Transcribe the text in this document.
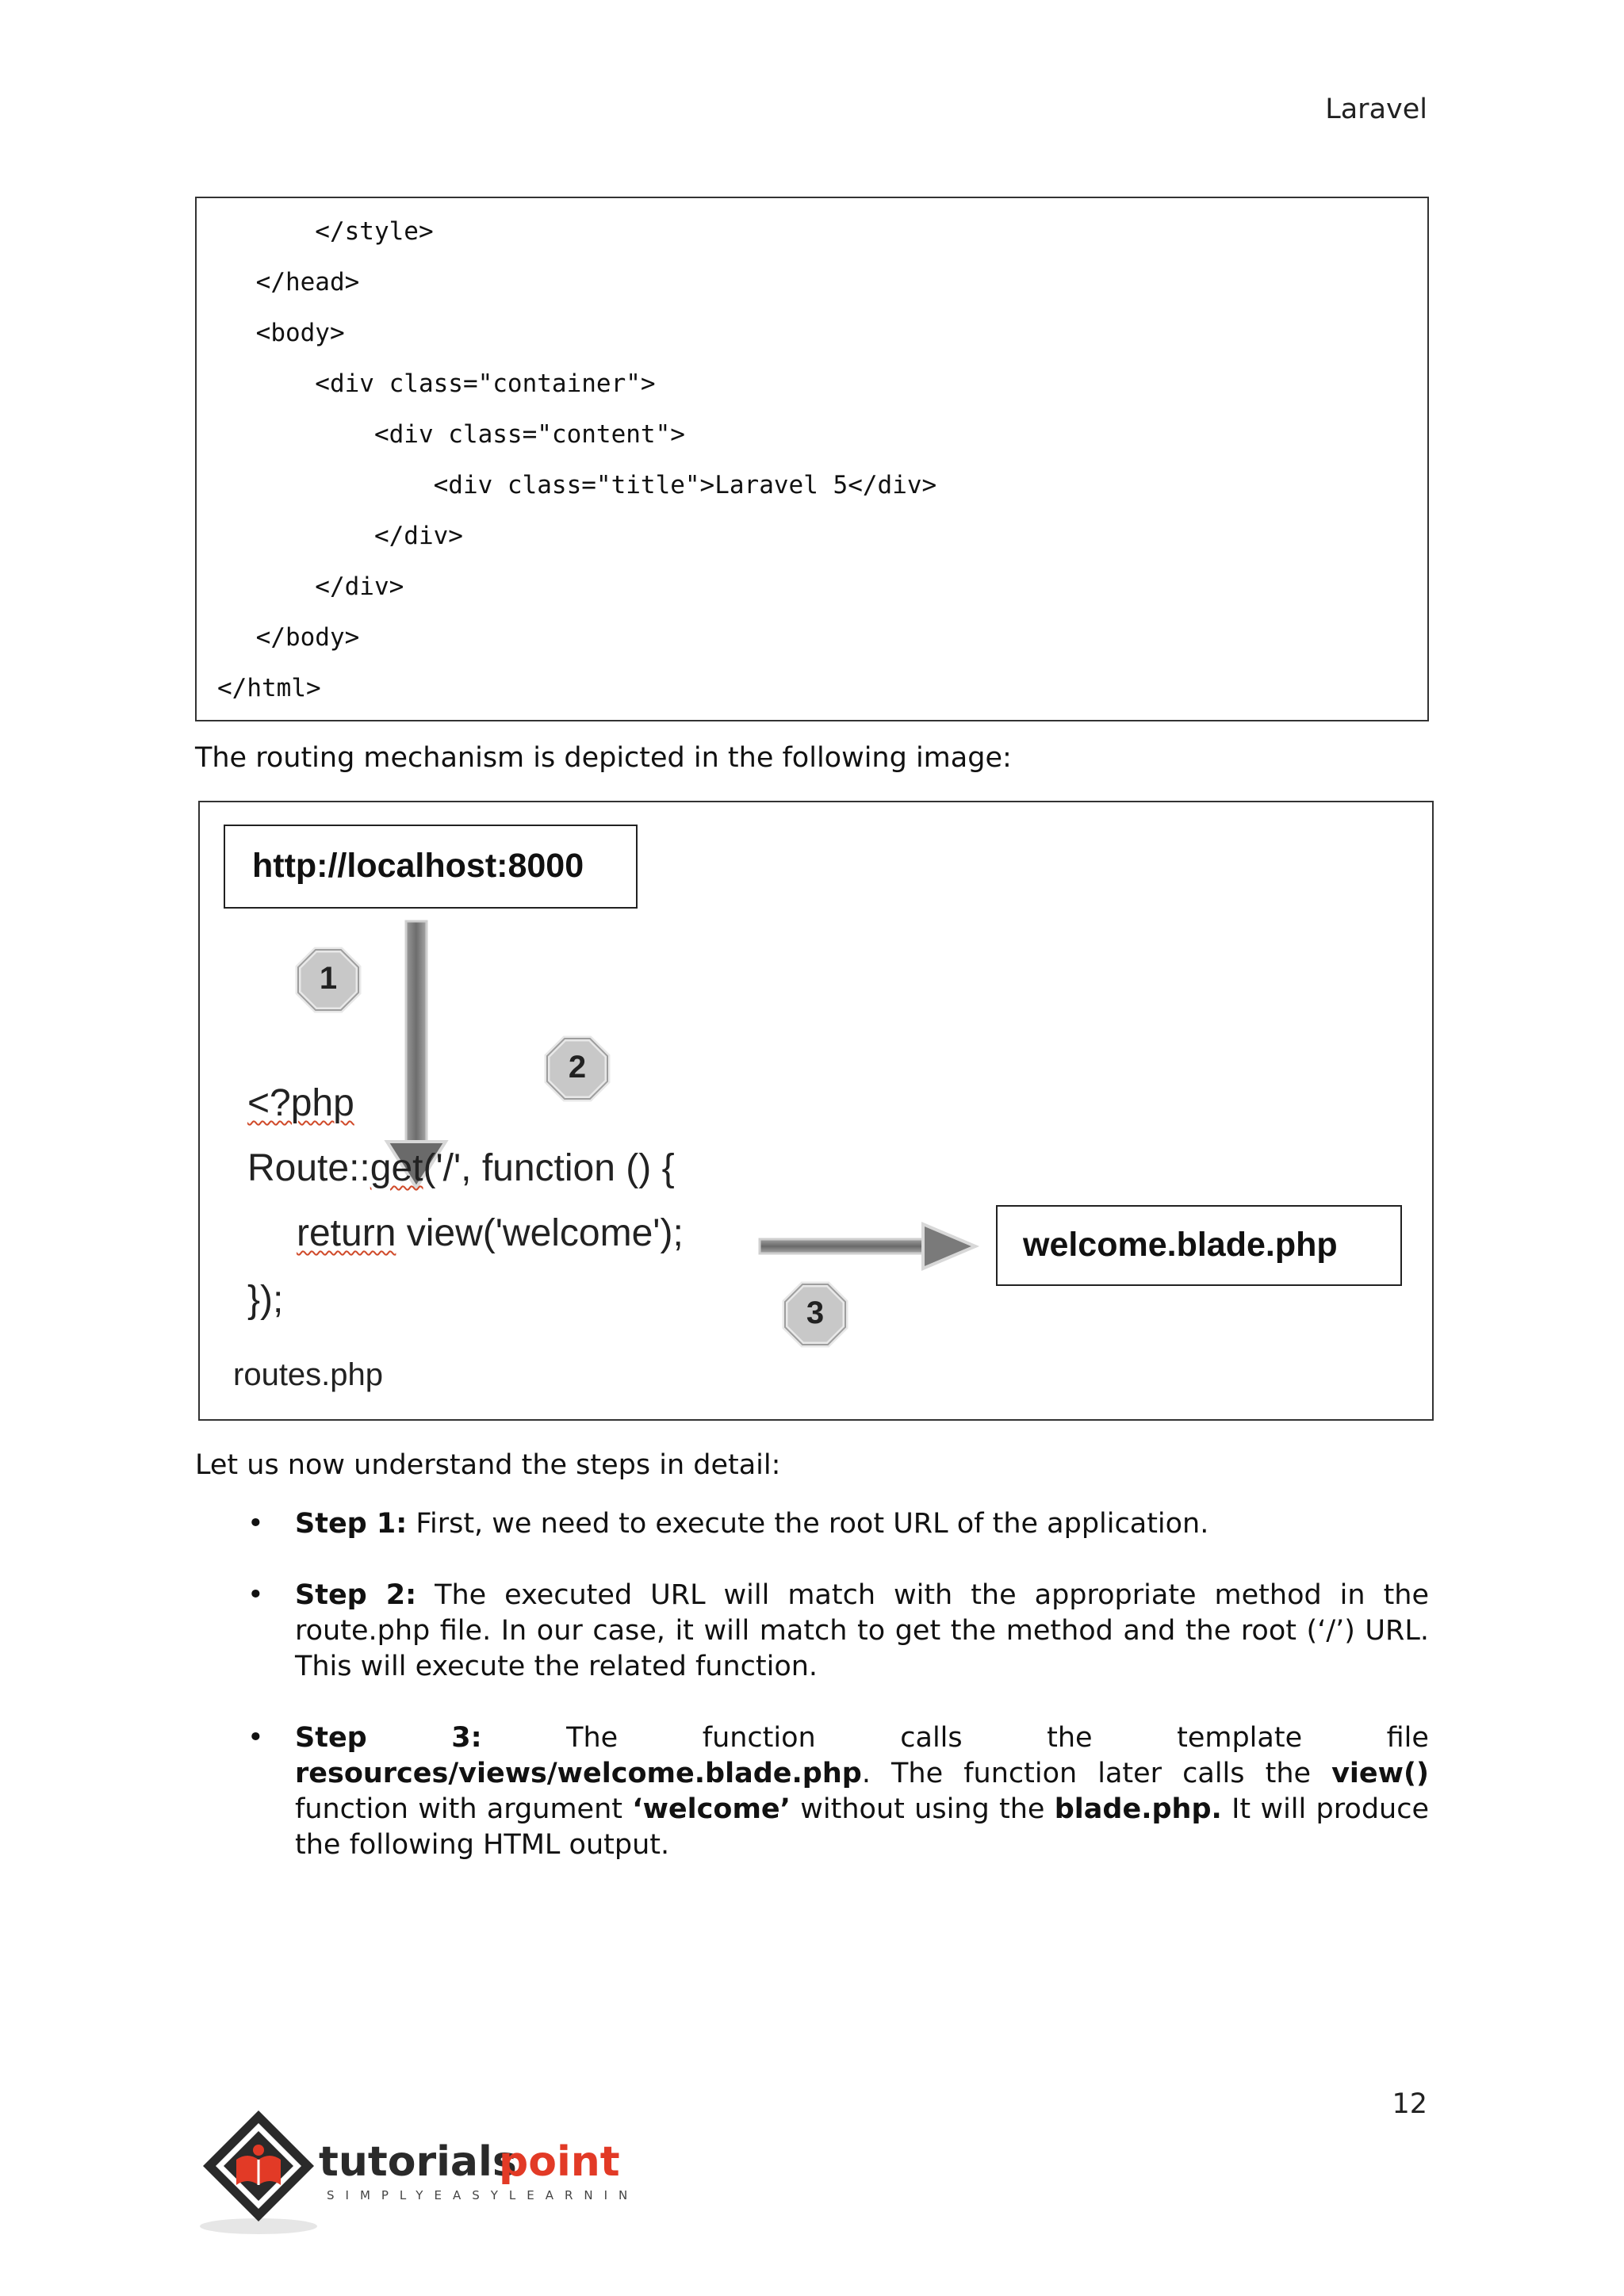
Laravel
</style>
</head>
<body>
<div class="container">
<div class="content">
<div class="title">Laravel 5</div>
</div>
</div>
</body>
</html>
The routing mechanism is depicted in the following image:
http://localhost:8000
1
2
3
<?php
Route::get('/', function () {
return view('welcome');
});
routes.php
welcome.blade.php
Let us now understand the steps in detail:
• Step 1: First, we need to execute the root URL of the application.
• Step 2: The executed URL will match with the appropriate method in the route.php file. In our case, it will match to get the method and the root (‘/’) URL. This will execute the related function.
• Step	3:	The	function	calls	the	template	file
resources/views/welcome.blade.php. The function later calls the view() function with argument ‘welcome’ without using the blade.php. It will produce the following HTML output.
12
tutorials
point
SIMPLYEASYLEARNING
